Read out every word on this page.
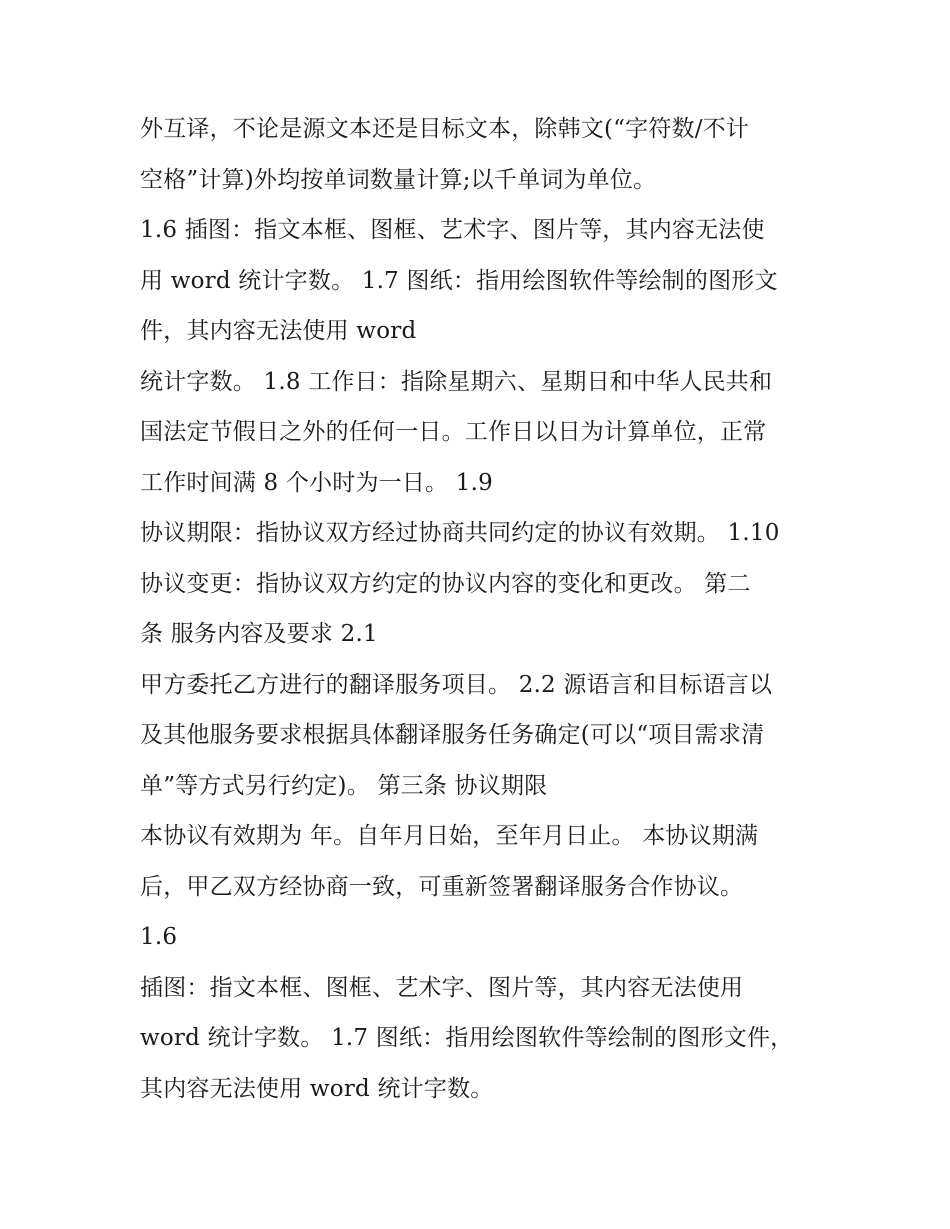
外互译，不论是源文本还是目标文本，除韩文(“字符数/不计
空格”计算)外均按单词数量计算;以千单词为单位。
1.6 插图：指文本框、图框、艺术字、图片等，其内容无法使
用 word 统计字数。 1.7 图纸：指用绘图软件等绘制的图形文
件，其内容无法使用 word
统计字数。 1.8 工作日：指除星期六、星期日和中华人民共和
国法定节假日之外的任何一日。工作日以日为计算单位，正常
工作时间满 8 个小时为一日。 1.9
协议期限：指协议双方经过协商共同约定的协议有效期。 1.10
协议变更：指协议双方约定的协议内容的变化和更改。 第二
条 服务内容及要求 2.1
甲方委托乙方进行的翻译服务项目。 2.2 源语言和目标语言以
及其他服务要求根据具体翻译服务任务确定(可以“项目需求清
单”等方式另行约定)。 第三条 协议期限
本协议有效期为 年。自年月日始，至年月日止。 本协议期满
后，甲乙双方经协商一致，可重新签署翻译服务合作协议。
1.6
插图：指文本框、图框、艺术字、图片等，其内容无法使用
word 统计字数。 1.7 图纸：指用绘图软件等绘制的图形文件，
其内容无法使用 word 统计字数。
